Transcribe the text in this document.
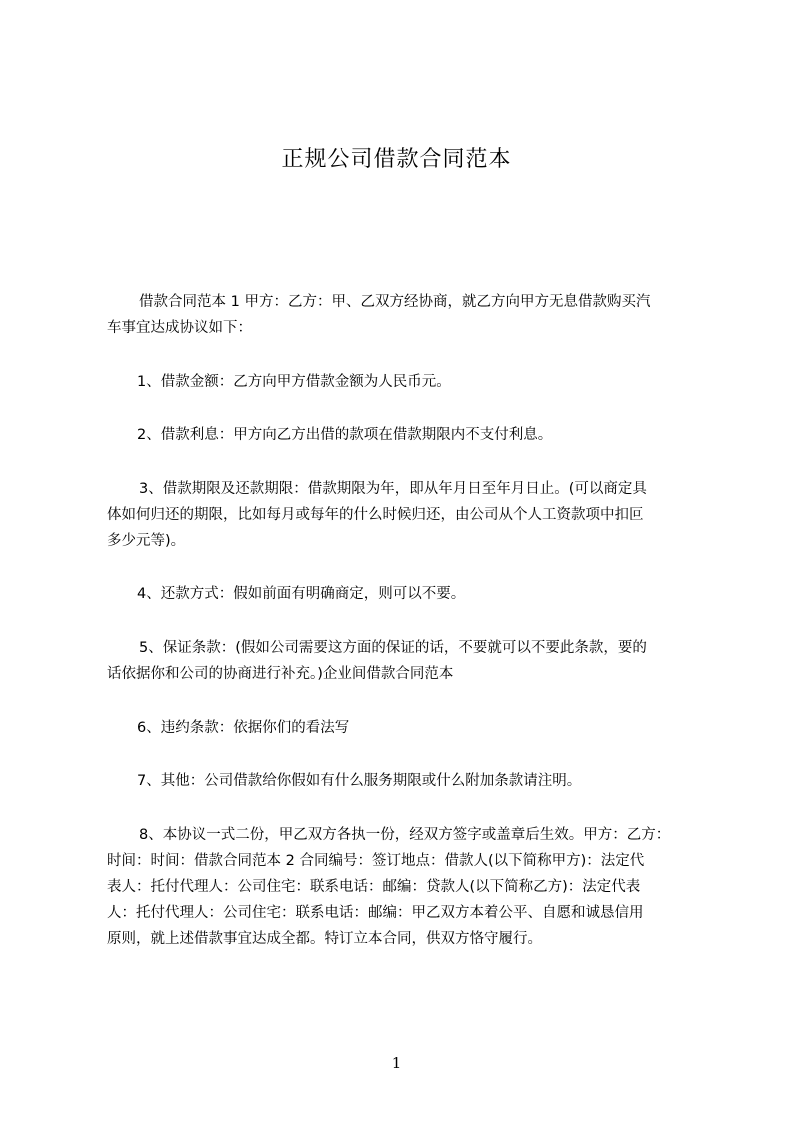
正规公司借款合同范本
借款合同范本 1 甲方：乙方：甲、乙双方经协商，就乙方向甲方无息借款购买汽
车事宜达成协议如下：
1、借款金额：乙方向甲方借款金额为人民币元。
2、借款利息：甲方向乙方出借的款项在借款期限内不支付利息。
3、借款期限及还款期限：借款期限为年，即从年月日至年月日止。(可以商定具
体如何归还的期限，比如每月或每年的什么时候归还，由公司从个人工资款项中扣叵
多少元等)。
4、还款方式：假如前面有明确商定，则可以不要。
5、保证条款：(假如公司需要这方面的保证的话，不要就可以不要此条款，要的
话依据你和公司的协商进行补充。)企业间借款合同范本
6、违约条款：依据你们的看法写
7、其他：公司借款给你假如有什么服务期限或什么附加条款请注明。
8、本协议一式二份，甲乙双方各执一份，经双方签字或盖章后生效。甲方：乙方：
时间：时间：借款合同范本 2 合同编号：签订地点：借款人(以下简称甲方)：法定代
表人：托付代理人：公司住宅：联系电话：邮编：贷款人(以下简称乙方)：法定代表
人：托付代理人：公司住宅：联系电话：邮编：甲乙双方本着公平、自愿和诚恳信用
原则，就上述借款事宜达成全都。特订立本合同，供双方恪守履行。
1
